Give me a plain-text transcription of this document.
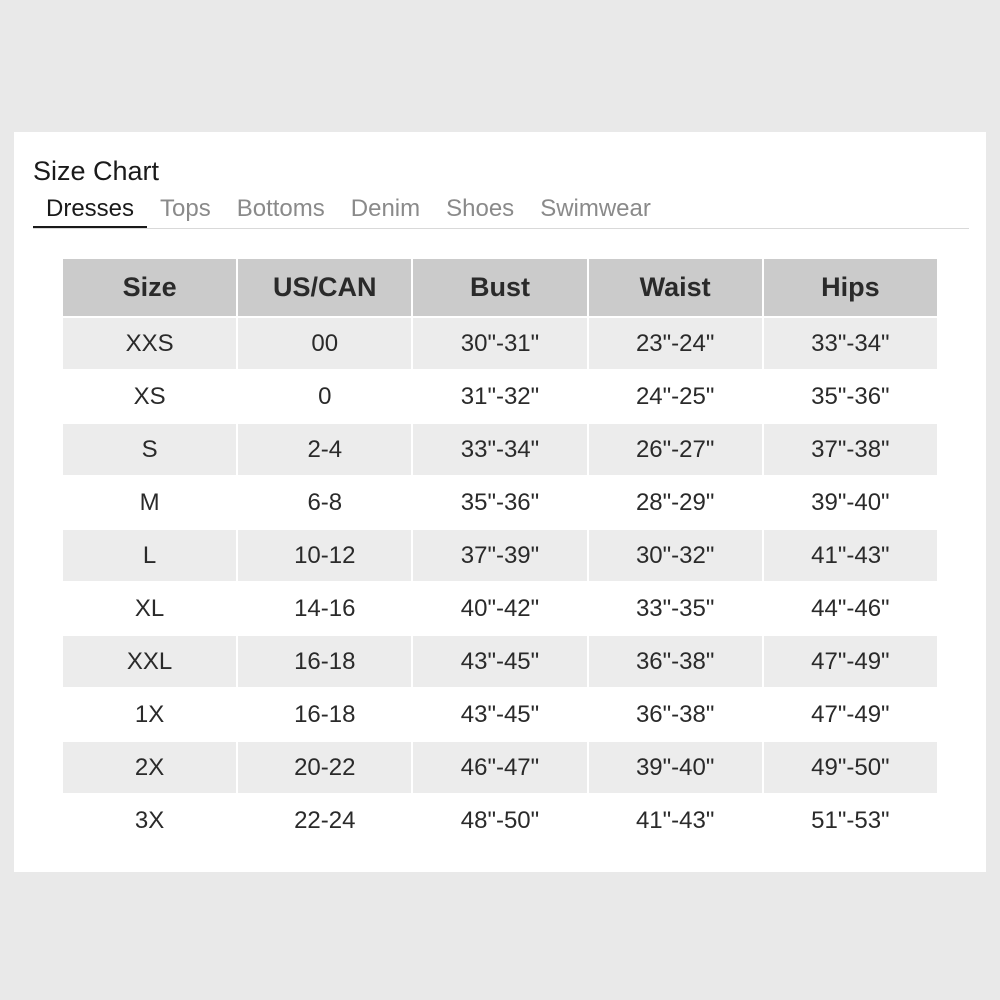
Size Chart
Dresses	Tops	Bottoms	Denim	Shoes	Swimwear
Size	US/CAN	Bust	Waist	Hips
XXS	00	30"-31"	23"-24"	33"-34"
XS	0	31"-32"	24"-25"	35"-36"
S	2-4	33"-34"	26"-27"	37"-38"
M	6-8	35"-36"	28"-29"	39"-40"
L	10-12	37"-39"	30"-32"	41"-43"
XL	14-16	40"-42"	33"-35"	44"-46"
XXL	16-18	43"-45"	36"-38"	47"-49"
1X	16-18	43"-45"	36"-38"	47"-49"
2X	20-22	46"-47"	39"-40"	49"-50"
3X	22-24	48"-50"	41"-43"	51"-53"
